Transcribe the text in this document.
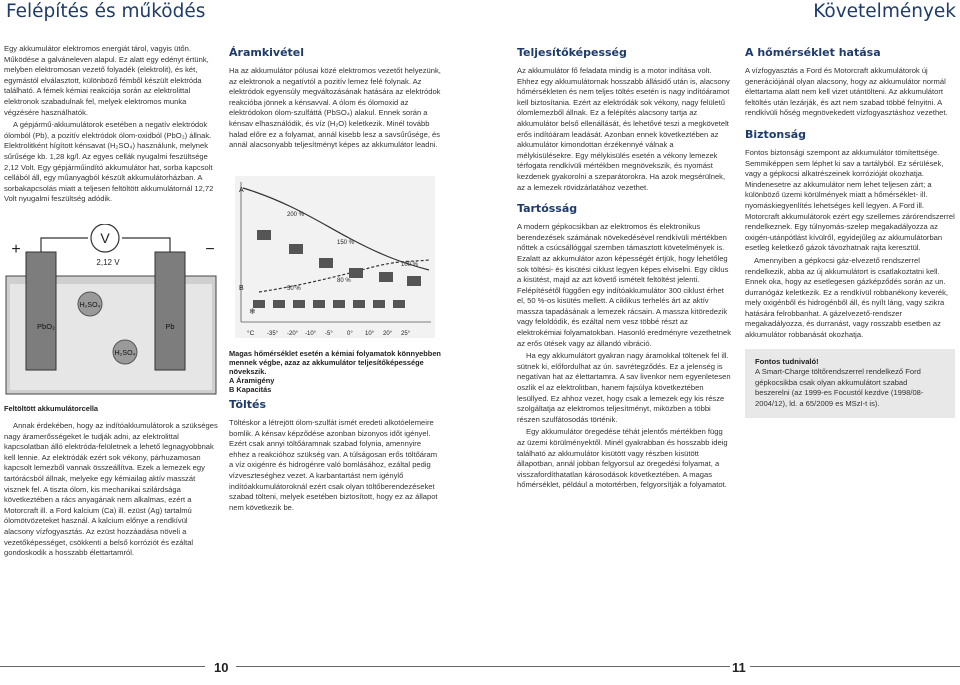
Felépítés és működés	Követelmények

Egy akkumulátor elektromos energiát tárol, vagyis ütőn. Működése a galváneleven alapul. Ez alatt egy edényt értünk, melyben elektromosan vezető folyadék (elektrolit), és két, egymástól elválasztott, különböző fémből készült elektróda található. A fémek kémiai reakciója során az elektrolittal elektronok szabadulnak fel, melyek elektromos munka végzésére használhatók.

A gépjármű-akkumulátorok esetében a negatív elektródok ólomból (Pb), a pozitív elektródok ólom-oxidból (PbO₂) állnak. Elektrolitként hígított kénsavat (H₂SO₄) használunk, melynek sűrűsége kb. 1,28 kg/l. Az egyes cellák nyugalmi feszültsége 2,12 Volt. Egy gépjárműindító akkumulátor hat, sorba kapcsolt cellából áll, egy műanyagból készült akkumulátorházban. A sorbakapcsolás miatt a teljesen feltöltött akkumulátornál 12,72 Volt nyugalmi feszültség adódik.

V
2,12 V
+	−
H₂SO₄
PbO₂	Pb
H₂SO₄
Feltöltött akkumulátorcella

Annak érdekében, hogy az indítóakkumulátorok a szükséges nagy áramerősségeket le tudják adni, az elektrolittal kapcsolatban álló elektróda-felületnek a lehető legnagyobbnak kell lennie. Az elektródák ezért sok vékony, párhuzamosan kapcsolt lemezből vannak összeállítva. Ezek a lemezek egy tartórácsból állnak, melyeke egy kémiailag aktív masszát visznek fel. A tiszta ólom, kis mechanikai szilárdsága következtében a rács anyagának nem alkalmas, ezért a Motorcraft ill. a Ford kalcium (Ca) ill. ezüst (Ag) tartalmú ólomötvözeteket használ. A kalcium előnye a rendkívül alacsony vízfogyasztás. Az ezüst hozzáadása növeli a vezetőképességet, csökkenti a belső korróziót és ezáltal gondoskodik a hosszabb élettartamról.

Áramkivétel

Ha az akkumulátor pólusai közé elektromos vezetőt helyezünk, az elektronok a negatívtól a pozitív lemez felé folynak. Az elektródok egyensúly megváltozásának hatására az elektródok reakcióba jönnek a kénsavval. A ólom és ólomoxid az elektródokon ólom-szulfáttá (PbSO₄) alakul. Ennek során a kénsav elhasználódik, és víz (H₂O) keletkezik. Minél tovább halad előre ez a folyamat, annál kisebb lesz a savsűrűsége, és annál alacsonyabb teljesítményt képes az akkumulátor leadni.

A
B
200 %
150 %
100 %
80 %
50 %
❄
°C -35° -20° -10° -5° 0° 10° 20° 25°
Magas hőmérséklet esetén a kémiai folyamatok könnyebben mennek végbe, azaz az akkumulátor teljesítőképessége növekszik.
A Áramigény
B Kapacitás
Töltés

Töltéskor a létrejött ólom-szulfát ismét eredeti alkotóelemeire bomlik. A kénsav képződése azonban bizonyos időt igényel. Ezért csak annyi töltőáramnak szabad folynia, amennyire ehhez a reakcióhoz szükség van. A túlságosan erős töltőáram a víz oxigénre és hidrogénre való bomlásához, ezáltal pedig vízveszteséghez vezet. A karbantartást nem igénylő indítóakkumulátoroknál ezért csak olyan töltőberendezéseket szabad tölteni, melyek esetében biztosított, hogy ez az állapot nem következik be.

Teljesítőképesség

Az akkumulátor fő feladata mindig is a motor indítása volt. Ehhez egy akkumulátornak hosszabb állásidő után is, alacsony hőmérsékleten és nem teljes töltés esetén is nagy indítóáramot kell biztosítania. Ezért az elektródák sok vékony, nagy felületű ólomlemezből állnak. Ez a felépítés alacsony tartja az akkumulátor belső ellenállását, és lehetővé teszi a megkövetelt erős indítóáram leadását. Azonban ennek következtében az akkumulátor kimondottan érzékennyé válnak a mélykisülésekre. Egy mélykisülés esetén a vékony lemezek térfogata rendkívüli mértékben megnövekszik, és nyomást kezdenek gyakorolni a szeparátorokra. Ha azok megsérülnek, az a lemezek rövidzárlatához vezethet.

Tartósság

A modern gépkocsikban az elektromos és elektronikus berendezések számának növekedésével rendkívüli mértékben nőttek a csúcsállóggal szemben támasztott követelmények is. Ezalatt az akkumulátor azon képességét értjük, hogy lehetőleg sok töltési- és kisütési ciklust legyen képes elviselni. Egy ciklus a kisütést, majd az azt követő ismételt feltöltést jelenti. Felépítésétől függően egy indítóakkumulátor 300 ciklust érhet el, 50 %-os kisütés mellett. A ciklikus terhelés árt az aktív massza tapadásának a lemezek rácsain. A massza kitöredezik vagy feloldódik, és ezáltal nem vesz többé részt az elektrokémiai folyamatokban. Hasonló eredményre vezethetnek az erős ütések vagy az állandó vibráció.

Ha egy akkumulátort gyakran nagy áramokkal töltenek fel ill. sütnek ki, előfordulhat az ún. savrétegződés. Ez a jelenség is negatívan hat az élettartamra. A sav livenkor nem egyenletesen oszlik el az elektrolitban, hanem fajsúlya következtében lesüllyed. Ez ahhoz vezet, hogy csak a lemezek egy kis része szolgáltatja az elektromos teljesítményt, miközben a többi részen szulfátosodás történik.

Egy akkumulátor öregedése téhát jelentős mértékben függ az üzemi körülményektől. Minél gyakrabban és hosszabb ideig található az akkumulátor kisütött vagy részben kisütött állapotban, annál jobban felgyorsul az öregedési folyamat, a visszafordíthatatlan károsodások következtében. A magas hőmérséklet, például a motortérben, felgyorsítják a folyamatot.

A hőmérséklet hatása

A vízfogyasztás a Ford és Motorcraft akkumulátorok új generációjánál olyan alacsony, hogy az akkumulátor normál élettartama alatt nem kell vizet utántölteni. Az akkumulátort feltöltés után lezárják, és azt nem szabad többé felnyitni. A rendkívüli hőség megnövekedett vízfogyasztáshoz vezethet.

Biztonság

Fontos biztonsági szempont az akkumulátor tömítettsége. Semmiképpen sem léphet ki sav a tartályból. Ez sérülések, vagy a gépkocsi alkatrészeinek korrózióját okozhatja. Mindenesetre az akkumulátor nem lehet teljesen zárt; a különböző üzemi körülmények miatt a hőmérséklet- ill. nyomáskiegyenlítés lehetséges kell legyen. A Ford ill. Motorcraft akkumulátorok ezért egy szellemes zárórendszerrel rendelkeznek. Egy túlnyomás-szelep megakadályozza az oxigén-utánpótlást kívülről, egyidejűleg az akkumulátorban esetleg keletkező gázok távozhatnak rajta keresztül.

Amennyiben a gépkocsi gáz-elvezető rendszerrel rendelkezik, abba az új akkumulátort is csatlakoztatni kell. Ennek oka, hogy az esetlegesen gázképződés során az un. durranógáz keletkezik. Ez a rendkívül robbanékony keverék, mely oxigénből és hidrogénből áll, és nyílt láng, vagy szikra hatására felrobbanhat. A gázelvezető-rendszer megakadályozza, és durranást, vagy rosszabb esetben az akkumulátor robbanását okozhatja.

Fontos tudnivaló!
A Smart-Charge töltőrendszerrel rendelkező Ford gépkocsikba csak olyan akkumulátort szabad beszerelni (az 1999-es Focustól kezdve (1998/08-2004/12), ld. a 65/2009 es MSzI-t is).
10	11
